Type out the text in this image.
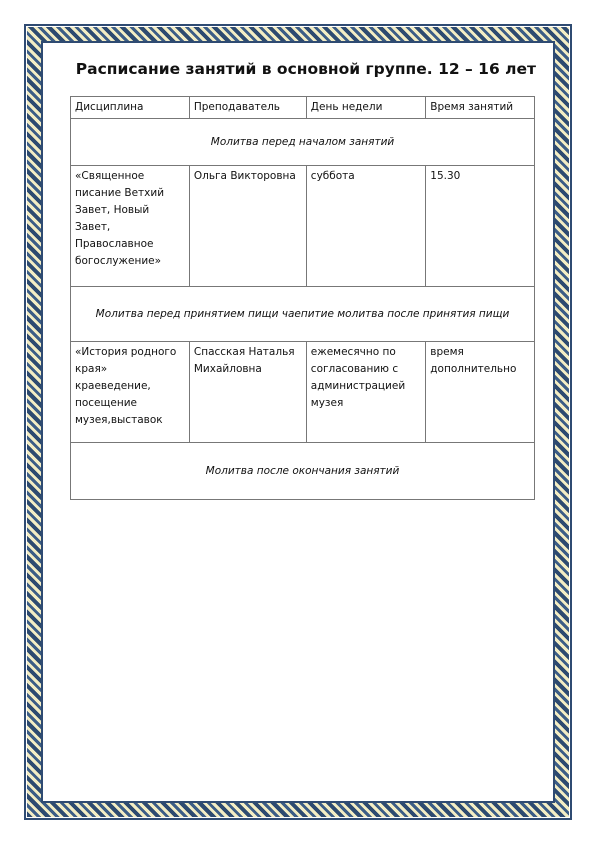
Расписание занятий в основной группе. 12 – 16 лет
Дисциплина	Преподаватель	День недели	Время занятий
Молитва перед началом занятий			
«Священное писание Ветхий Завет, Новый Завет, Православное богослужение»	Ольга Викторовна	суббота	15.30
Молитва перед принятием пищи чаепитие молитва после принятия пищи			
«История родного края» краеведение, посещение музея,выставок	Спасская Наталья Михайловна	ежемесячно по согласованию с администрацией музея	время дополнительно
Молитва после окончания занятий			
